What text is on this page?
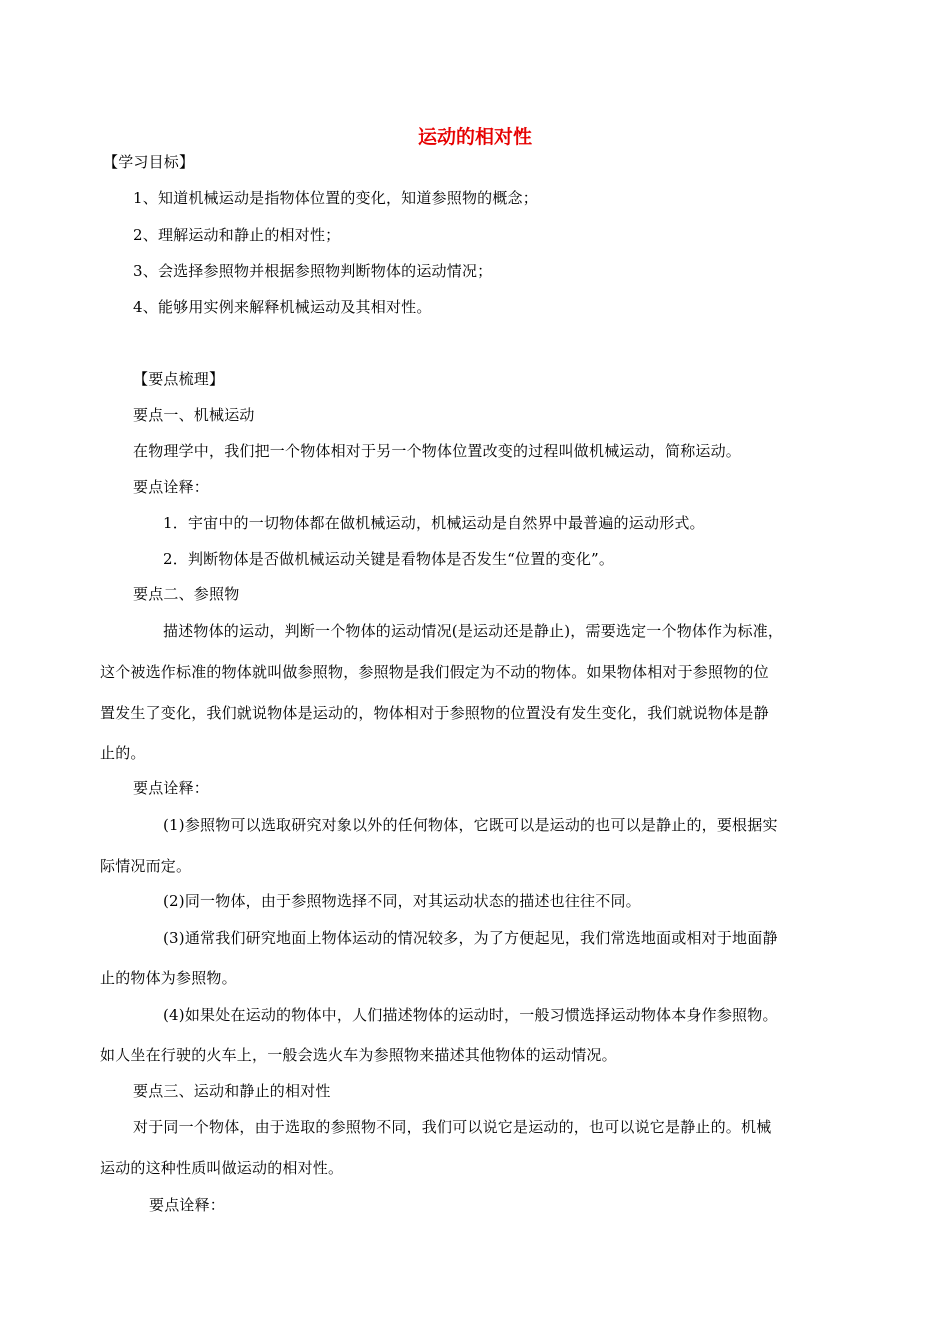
运动的相对性
【学习目标】
1、知道机械运动是指物体位置的变化，知道参照物的概念；
2、理解运动和静止的相对性；
3、会选择参照物并根据参照物判断物体的运动情况；
4、能够用实例来解释机械运动及其相对性。
【要点梳理】
要点一、机械运动
在物理学中，我们把一个物体相对于另一个物体位置改变的过程叫做机械运动，简称运动。
要点诠释：
1．宇宙中的一切物体都在做机械运动，机械运动是自然界中最普遍的运动形式。
2．判断物体是否做机械运动关键是看物体是否发生“位置的变化”。
要点二、参照物
描述物体的运动，判断一个物体的运动情况(是运动还是静止)，需要选定一个物体作为标准，
这个被选作标准的物体就叫做参照物，参照物是我们假定为不动的物体。如果物体相对于参照物的位
置发生了变化，我们就说物体是运动的，物体相对于参照物的位置没有发生变化，我们就说物体是静
止的。
要点诠释：
(1)参照物可以选取研究对象以外的任何物体，它既可以是运动的也可以是静止的，要根据实
际情况而定。
(2)同一物体，由于参照物选择不同，对其运动状态的描述也往往不同。
(3)通常我们研究地面上物体运动的情况较多，为了方便起见，我们常选地面或相对于地面静
止的物体为参照物。
(4)如果处在运动的物体中，人们描述物体的运动时，一般习惯选择运动物体本身作参照物。
如人坐在行驶的火车上，一般会选火车为参照物来描述其他物体的运动情况。
要点三、运动和静止的相对性
对于同一个物体，由于选取的参照物不同，我们可以说它是运动的，也可以说它是静止的。机械
运动的这种性质叫做运动的相对性。
要点诠释：
